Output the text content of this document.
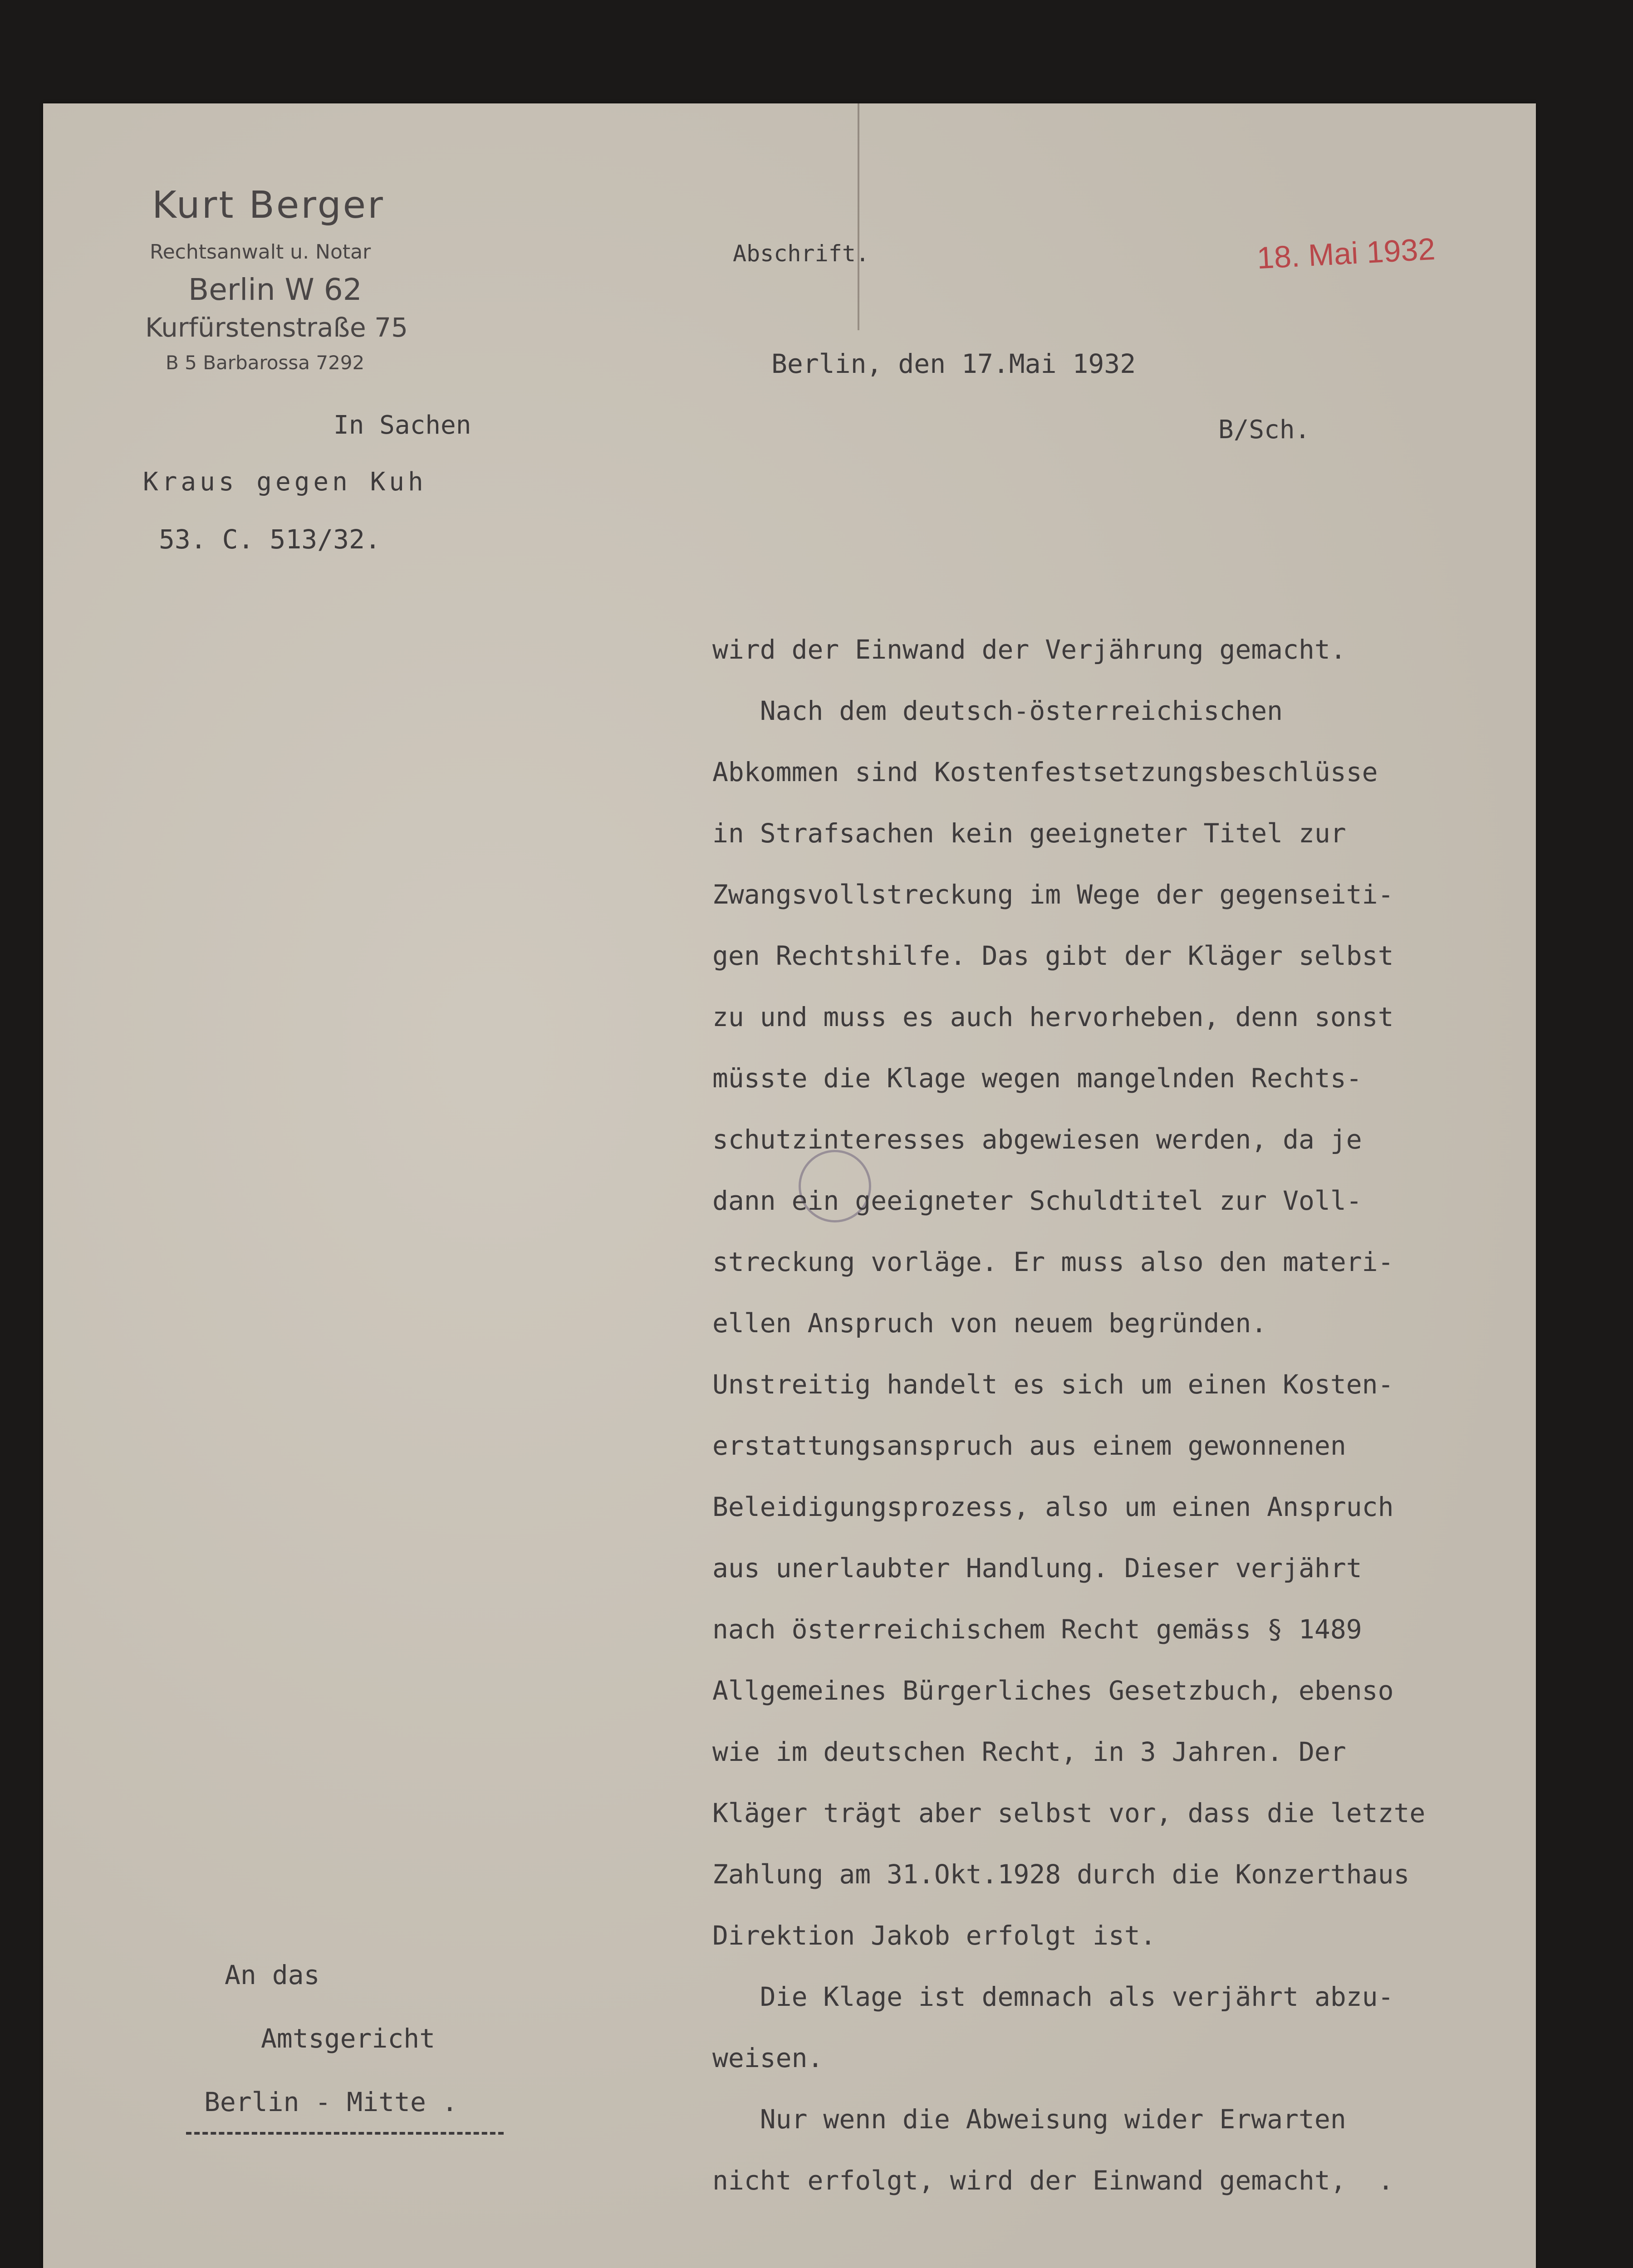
Kurt Berger
Rechtsanwalt u. Notar
Berlin W 62
Kurfürstenstraße 75
B 5 Barbarossa 7292
Abschrift.	18. Mai 1932
Berlin, den 17.Mai 1932
B/Sch.
In Sachen
Kraus gegen Kuh
53. C. 513/32.
wird der Einwand der Verjährung gemacht.
Nach dem deutsch-österreichischen
Abkommen sind Kostenfestsetzungsbeschlüsse
in Strafsachen kein geeigneter Titel zur
Zwangsvollstreckung im Wege der gegenseiti-
gen Rechtshilfe. Das gibt der Kläger selbst
zu und muss es auch hervorheben, denn sonst
müsste die Klage wegen mangelnden Rechts-
schutzinteresses abgewiesen werden, da je
dann ein geeigneter Schuldtitel zur Voll-
streckung vorläge. Er muss also den materi-
ellen Anspruch von neuem begründen.
Unstreitig handelt es sich um einen Kosten-
erstattungsanspruch aus einem gewonnenen
Beleidigungsprozess, also um einen Anspruch
aus unerlaubter Handlung. Dieser verjährt
nach österreichischem Recht gemäss § 1489
Allgemeines Bürgerliches Gesetzbuch, ebenso
wie im deutschen Recht, in 3 Jahren. Der
Kläger trägt aber selbst vor, dass die letzte
Zahlung am 31.Okt.1928 durch die Konzerthaus
Direktion Jakob erfolgt ist.
Die Klage ist demnach als verjährt abzu-
weisen.
Nur wenn die Abweisung wider Erwarten
nicht erfolgt, wird der Einwand gemacht,  .
An das
Amtsgericht
Berlin - Mitte .
